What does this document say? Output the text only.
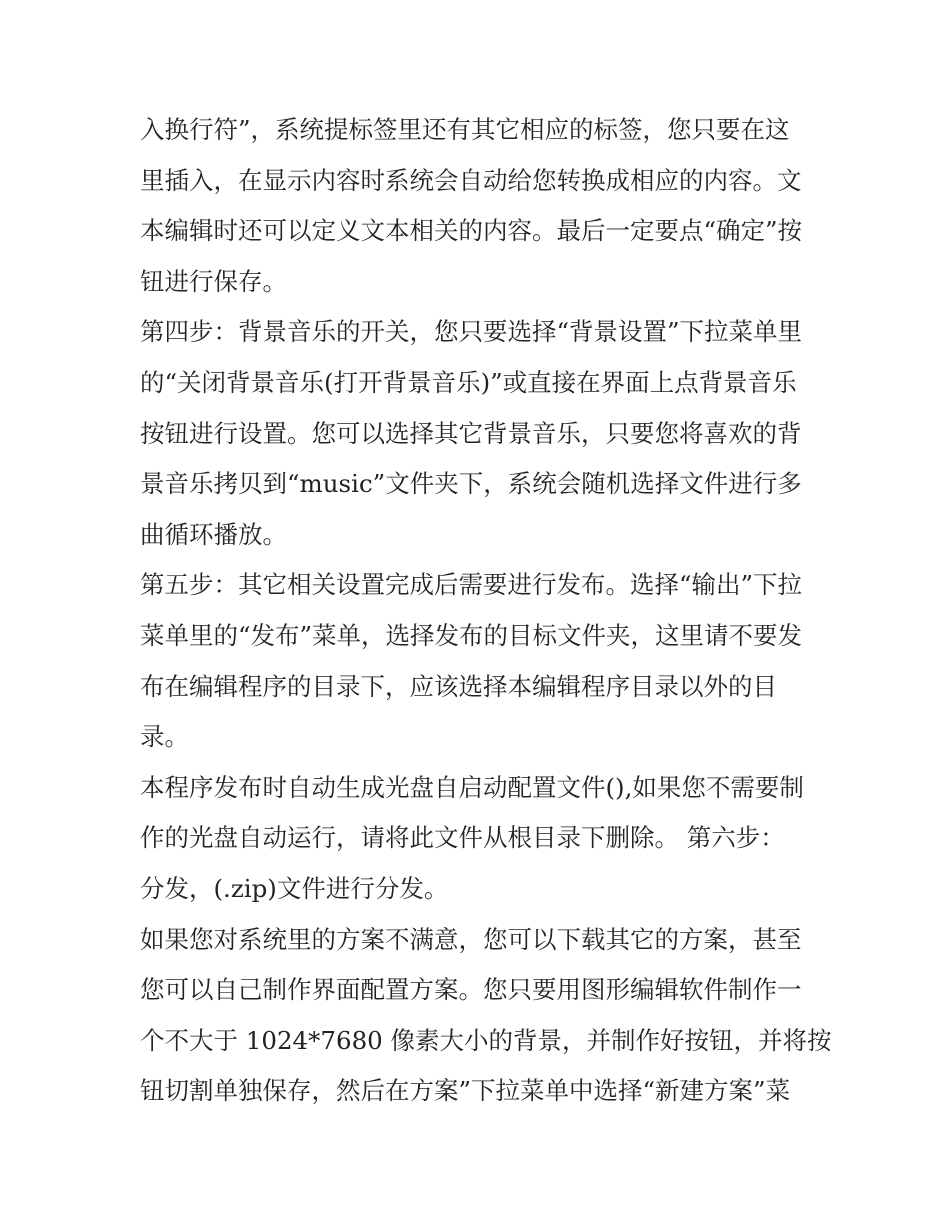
入换行符”，系统提标签里还有其它相应的标签，您只要在这
里插入，在显示内容时系统会自动给您转换成相应的内容。文
本编辑时还可以定义文本相关的内容。最后一定要点“确定”按
钮进行保存。
第四步：背景音乐的开关，您只要选择“背景设置”下拉菜单里
的“关闭背景音乐(打开背景音乐)”或直接在界面上点背景音乐
按钮进行设置。您可以选择其它背景音乐，只要您将喜欢的背
景音乐拷贝到“music”文件夹下，系统会随机选择文件进行多
曲循环播放。
第五步：其它相关设置完成后需要进行发布。选择“输出”下拉
菜单里的“发布”菜单，选择发布的目标文件夹，这里请不要发
布在编辑程序的目录下，应该选择本编辑程序目录以外的目
录。
本程序发布时自动生成光盘自启动配置文件(),如果您不需要制
作的光盘自动运行，请将此文件从根目录下删除。 第六步：
分发，(.zip)文件进行分发。
如果您对系统里的方案不满意，您可以下载其它的方案，甚至
您可以自己制作界面配置方案。您只要用图形编辑软件制作一
个不大于 1024*7680 像素大小的背景，并制作好按钮，并将按
钮切割单独保存，然后在方案”下拉菜单中选择“新建方案”菜
